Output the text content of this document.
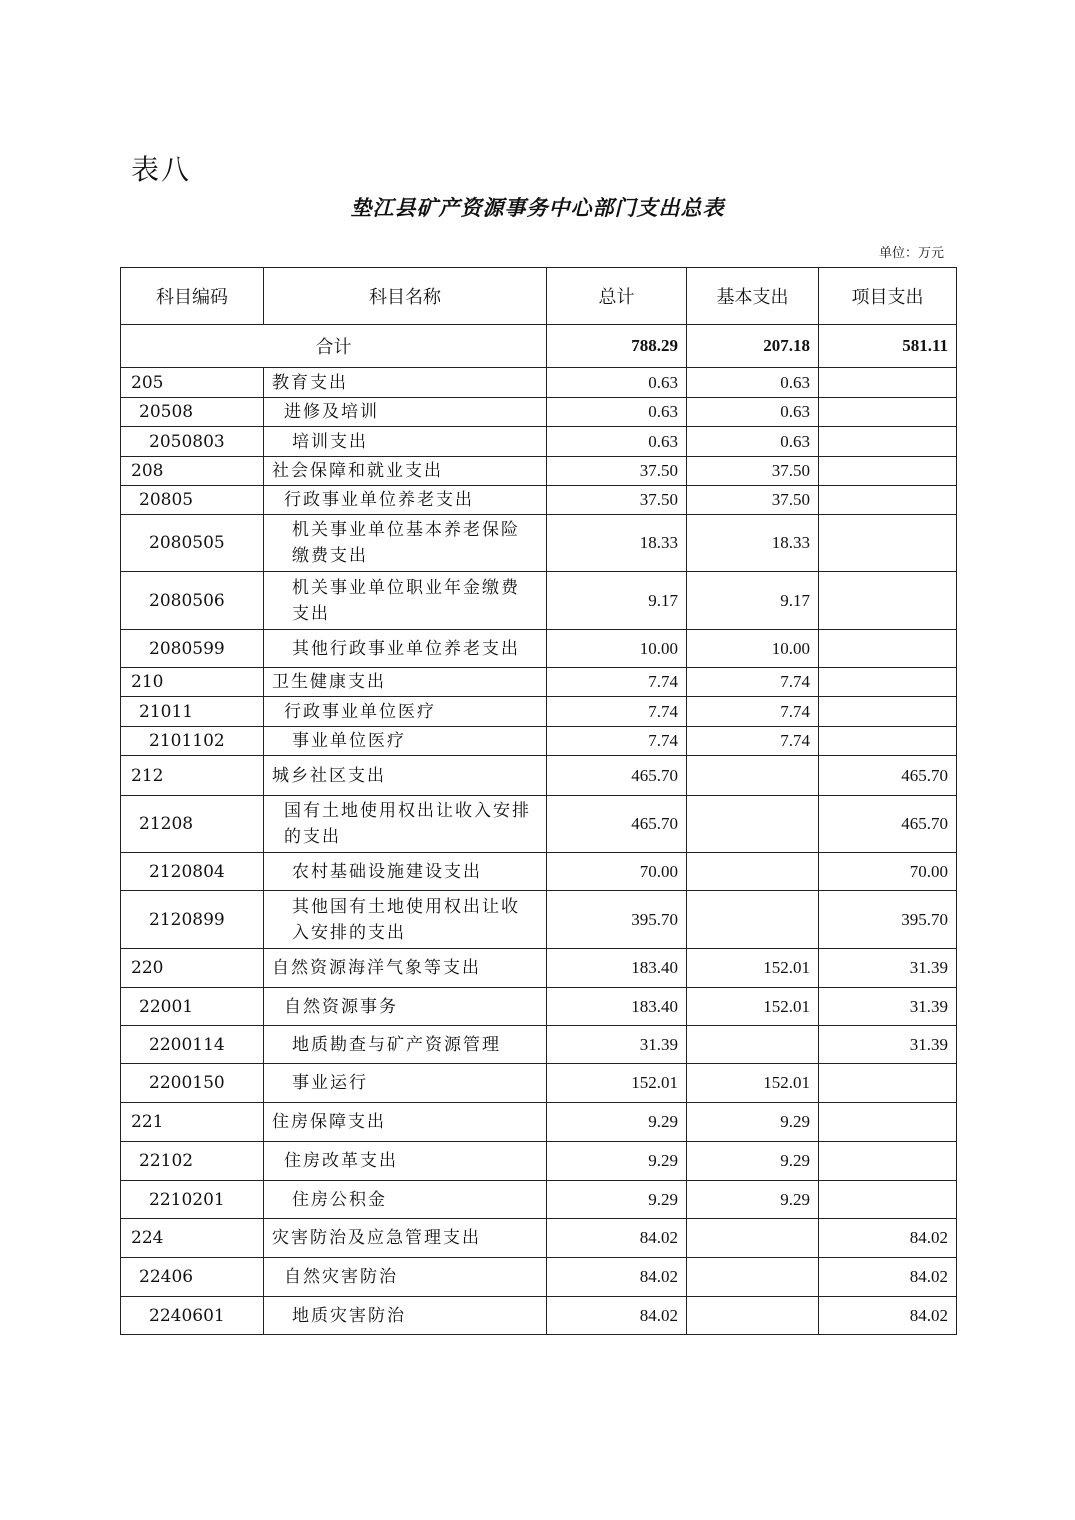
表八
垫江县矿产资源事务中心部门支出总表
单位：万元
科目编码	科目名称	总计	基本支出	项目支出
合计		788.29	207.18	581.11
205	教育支出	0.63	0.63	
20508	进修及培训	0.63	0.63	
2050803	培训支出	0.63	0.63	
208	社会保障和就业支出	37.50	37.50	
20805	行政事业单位养老支出	37.50	37.50	
2080505	机关事业单位基本养老保险缴费支出	18.33	18.33	
2080506	机关事业单位职业年金缴费支出	9.17	9.17	
2080599	其他行政事业单位养老支出	10.00	10.00	
210	卫生健康支出	7.74	7.74	
21011	行政事业单位医疗	7.74	7.74	
2101102	事业单位医疗	7.74	7.74	
212	城乡社区支出	465.70		465.70
21208	国有土地使用权出让收入安排的支出	465.70		465.70
2120804	农村基础设施建设支出	70.00		70.00
2120899	其他国有土地使用权出让收入安排的支出	395.70		395.70
220	自然资源海洋气象等支出	183.40	152.01	31.39
22001	自然资源事务	183.40	152.01	31.39
2200114	地质勘查与矿产资源管理	31.39		31.39
2200150	事业运行	152.01	152.01	
221	住房保障支出	9.29	9.29	
22102	住房改革支出	9.29	9.29	
2210201	住房公积金	9.29	9.29	
224	灾害防治及应急管理支出	84.02		84.02
22406	自然灾害防治	84.02		84.02
2240601	地质灾害防治	84.02		84.02
